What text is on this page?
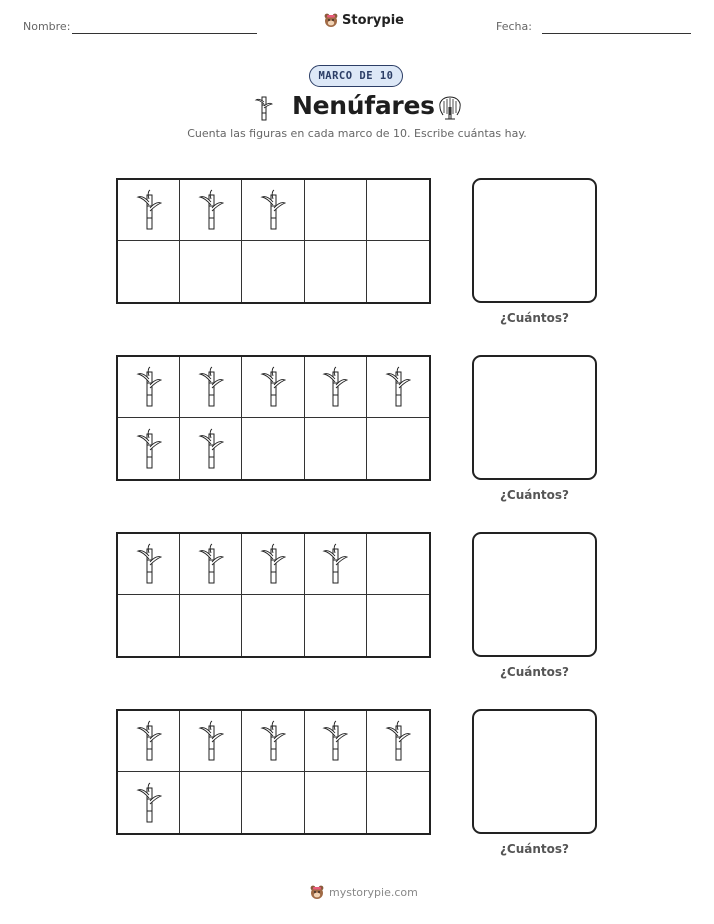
Nombre:	Storypie	Fecha:
MARCO DE 10
Nenúfares
Cuenta las figuras en cada marco de 10. Escribe cuántas hay.
¿Cuántos?
¿Cuántos?
¿Cuántos?
¿Cuántos?
mystorypie.com
